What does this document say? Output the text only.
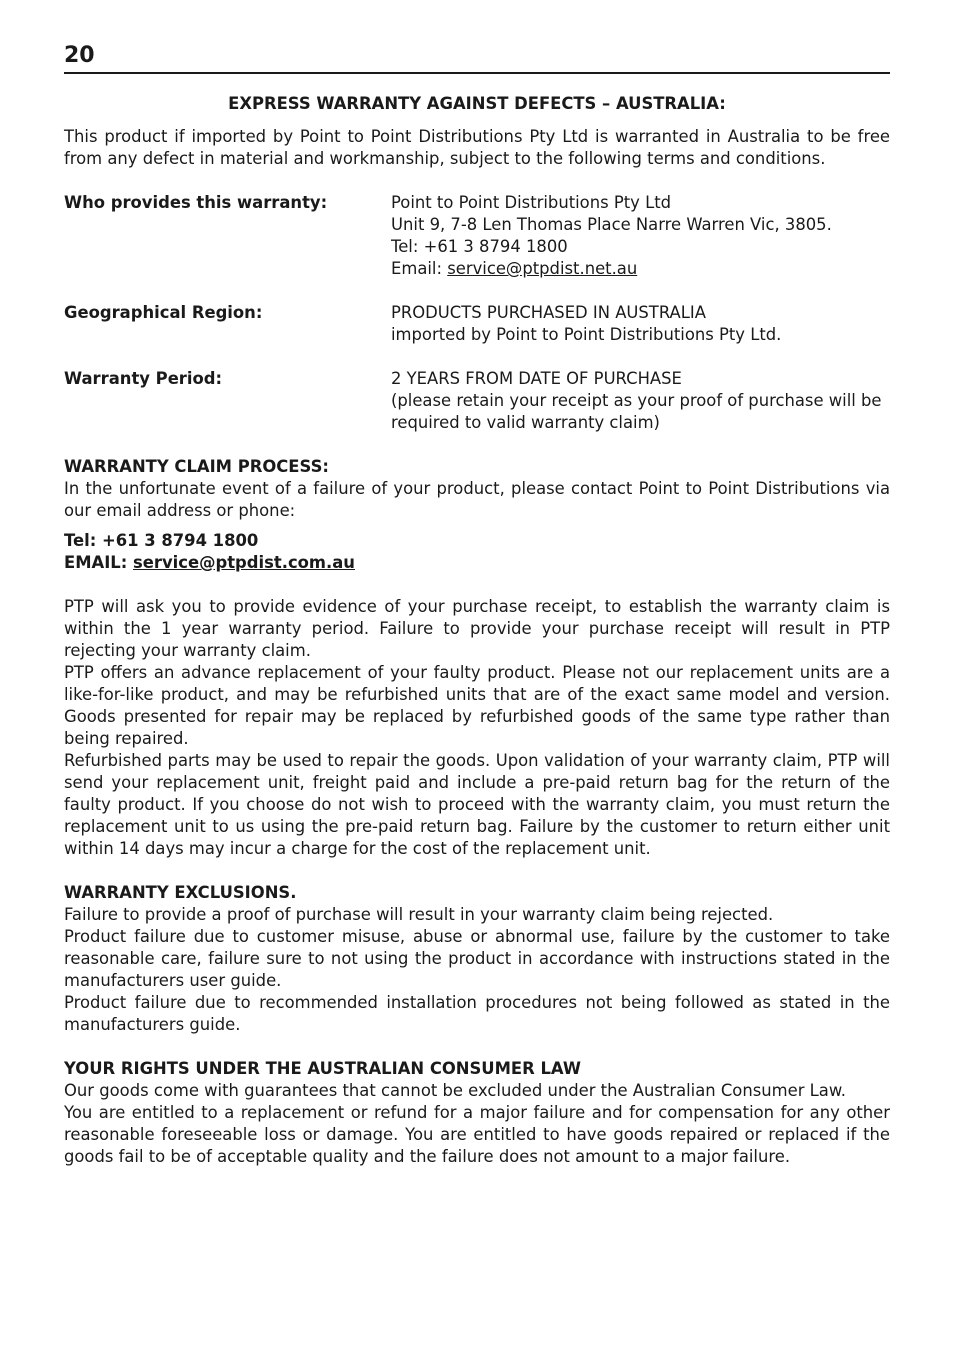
20

EXPRESS WARRANTY AGAINST DEFECTS – AUSTRALIA:

This product if imported by Point to Point Distributions Pty Ltd is warranted in Australia to be free from any defect in material and workmanship, subject to the following terms and conditions.

Who provides this warranty:	Point to Point Distributions Pty Ltd
Unit 9, 7-8 Len Thomas Place Narre Warren Vic, 3805.
Tel: +61 3 8794 1800
Email: service@ptpdist.net.au
Geographical Region:	PRODUCTS PURCHASED IN AUSTRALIA
imported by Point to Point Distributions Pty Ltd.
Warranty Period:	2 YEARS FROM DATE OF PURCHASE
(please retain your receipt as your proof of purchase will be
required to valid warranty claim)

WARRANTY CLAIM PROCESS:

In the unfortunate event of a failure of your product, please contact Point to Point Distributions via our email address or phone:

Tel: +61 3 8794 1800

EMAIL: service@ptpdist.com.au

PTP will ask you to provide evidence of your purchase receipt, to establish the warranty claim is within the 1 year warranty period. Failure to provide your purchase receipt will result in PTP rejecting your warranty claim.

PTP offers an advance replacement of your faulty product. Please not our replacement units are a like-for-like product, and may be refurbished units that are of the exact same model and version. Goods presented for repair may be replaced by refurbished goods of the same type rather than being repaired.

Refurbished parts may be used to repair the goods. Upon validation of your warranty claim, PTP will send your replacement unit, freight paid and include a pre-paid return bag for the return of the faulty product. If you choose do not wish to proceed with the warranty claim, you must return the replacement unit to us using the pre-paid return bag. Failure by the customer to return either unit within 14 days may incur a charge for the cost of the replacement unit.

WARRANTY EXCLUSIONS.

Failure to provide a proof of purchase will result in your warranty claim being rejected.

Product failure due to customer misuse, abuse or abnormal use, failure by the customer to take reasonable care, failure sure to not using the product in accordance with instructions stated in the manufacturers user guide.

Product failure due to recommended installation procedures not being followed as stated in the manufacturers guide.

YOUR RIGHTS UNDER THE AUSTRALIAN CONSUMER LAW

Our goods come with guarantees that cannot be excluded under the Australian Consumer Law.

You are entitled to a replacement or refund for a major failure and for compensation for any other reasonable foreseeable loss or damage. You are entitled to have goods repaired or replaced if the goods fail to be of acceptable quality and the failure does not amount to a major failure.
